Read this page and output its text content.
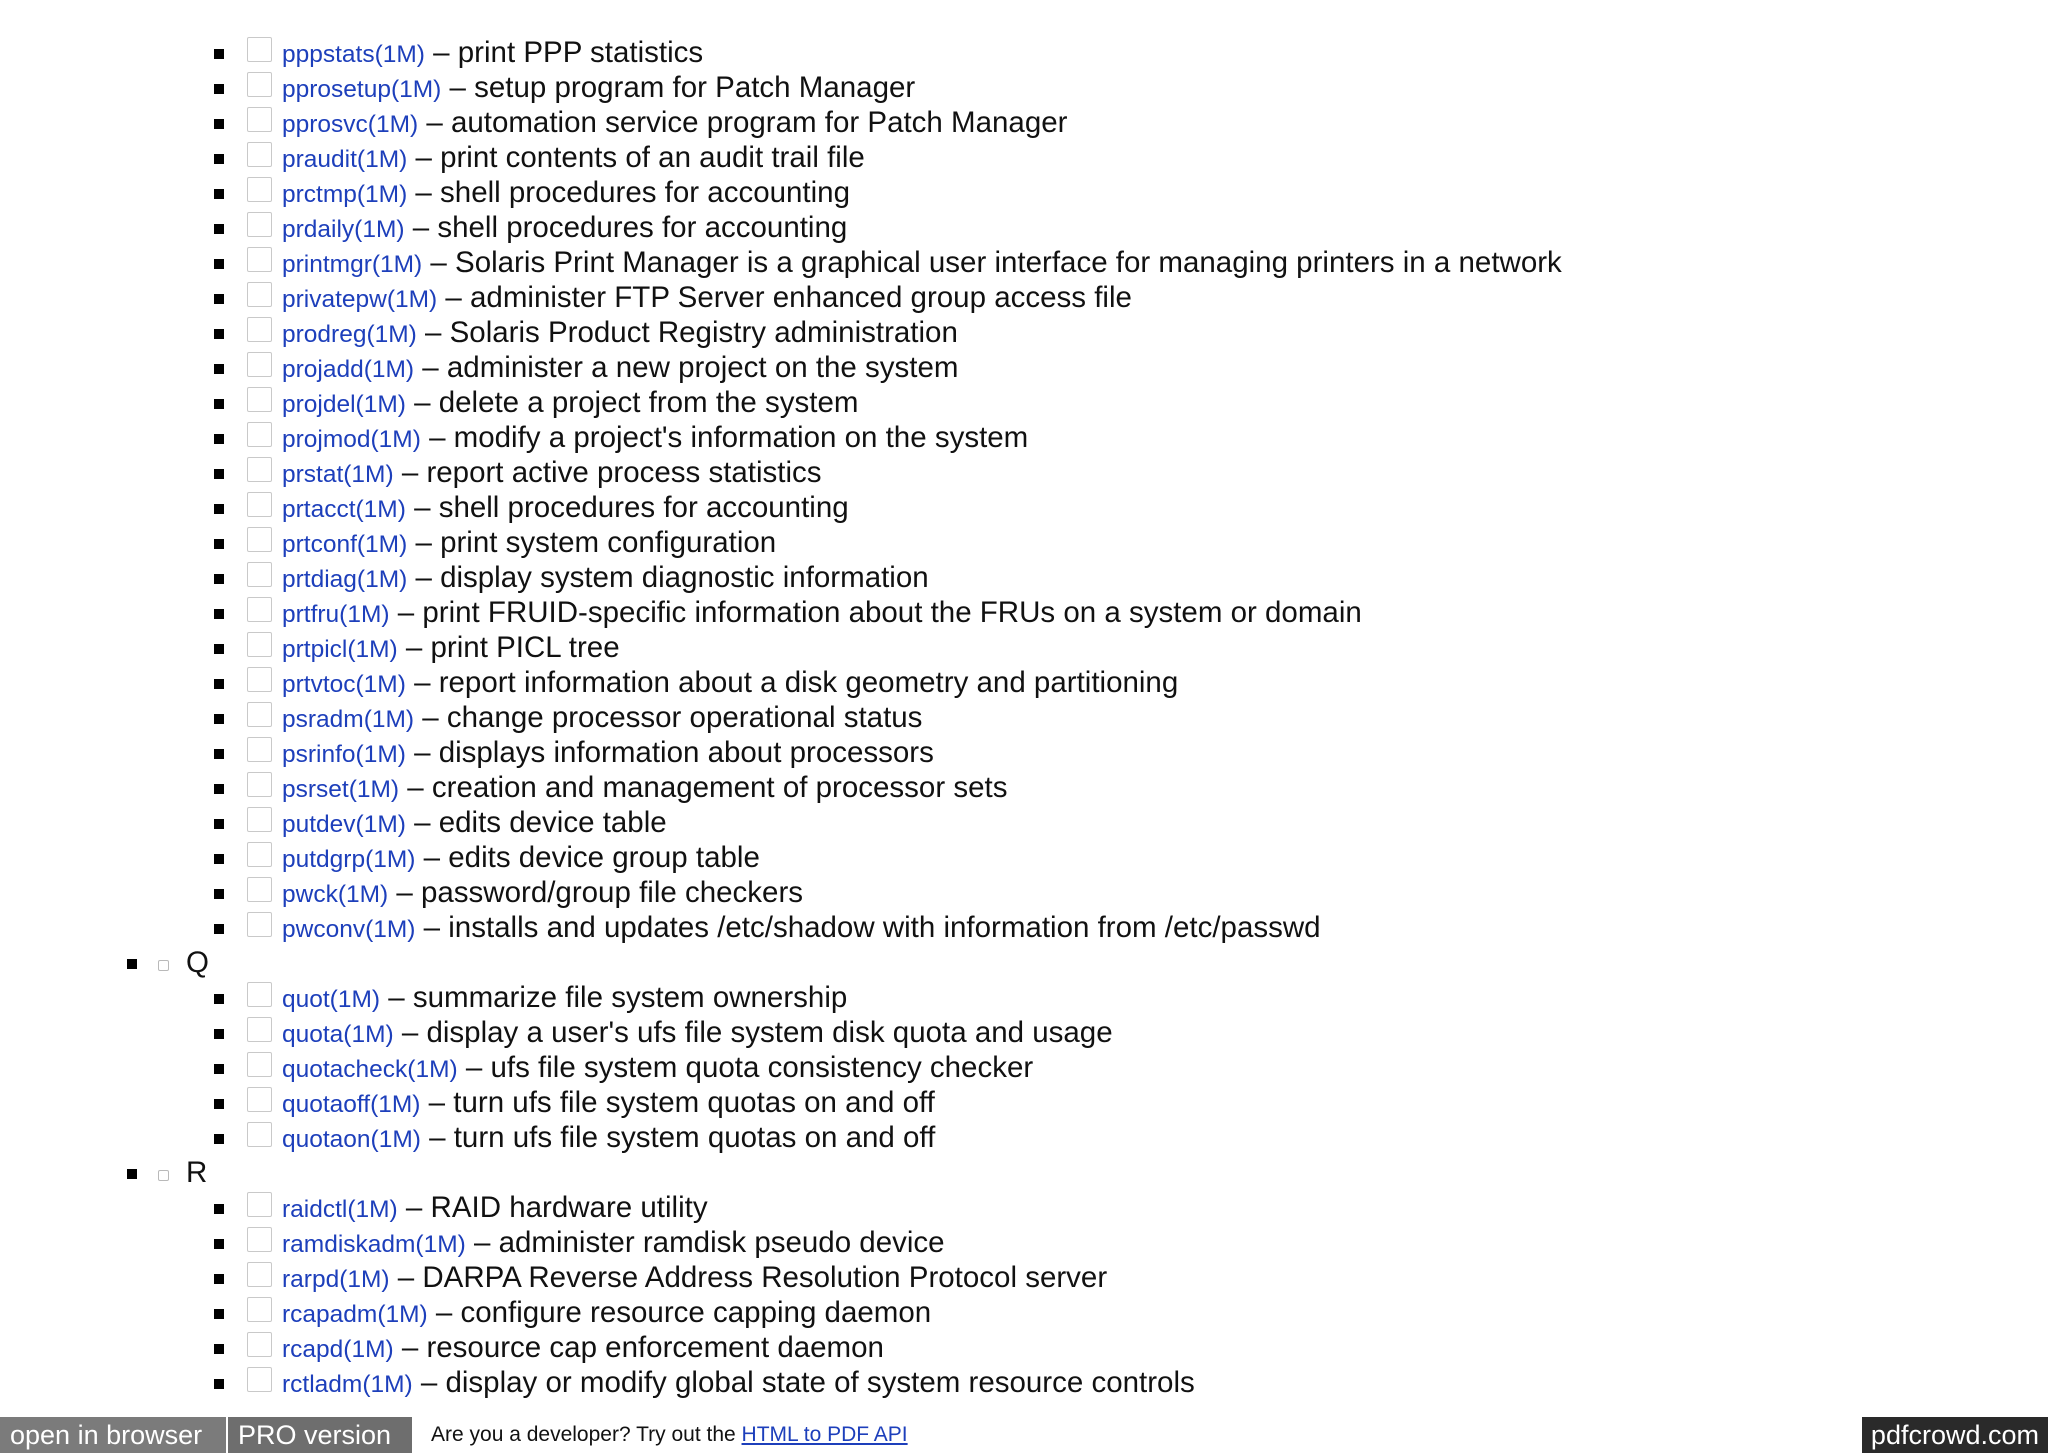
pppstats(1M) – print PPP statistics
pprosetup(1M) – setup program for Patch Manager
pprosvc(1M) – automation service program for Patch Manager
praudit(1M) – print contents of an audit trail file
prctmp(1M) – shell procedures for accounting
prdaily(1M) – shell procedures for accounting
printmgr(1M) – Solaris Print Manager is a graphical user interface for managing printers in a network
privatepw(1M) – administer FTP Server enhanced group access file
prodreg(1M) – Solaris Product Registry administration
projadd(1M) – administer a new project on the system
projdel(1M) – delete a project from the system
projmod(1M) – modify a project's information on the system
prstat(1M) – report active process statistics
prtacct(1M) – shell procedures for accounting
prtconf(1M) – print system configuration
prtdiag(1M) – display system diagnostic information
prtfru(1M) – print FRUID-specific information about the FRUs on a system or domain
prtpicl(1M) – print PICL tree
prtvtoc(1M) – report information about a disk geometry and partitioning
psradm(1M) – change processor operational status
psrinfo(1M) – displays information about processors
psrset(1M) – creation and management of processor sets
putdev(1M) – edits device table
putdgrp(1M) – edits device group table
pwck(1M) – password/group file checkers
pwconv(1M) – installs and updates /etc/shadow with information from /etc/passwd
Q
quot(1M) – summarize file system ownership
quota(1M) – display a user's ufs file system disk quota and usage
quotacheck(1M) – ufs file system quota consistency checker
quotaoff(1M) – turn ufs file system quotas on and off
quotaon(1M) – turn ufs file system quotas on and off
R
raidctl(1M) – RAID hardware utility
ramdiskadm(1M) – administer ramdisk pseudo device
rarpd(1M) – DARPA Reverse Address Resolution Protocol server
rcapadm(1M) – configure resource capping daemon
rcapd(1M) – resource cap enforcement daemon
rctladm(1M) – display or modify global state of system resource controls
open in browser	PRO version	Are you a developer? Try out the HTML to PDF API	pdfcrowd.com
